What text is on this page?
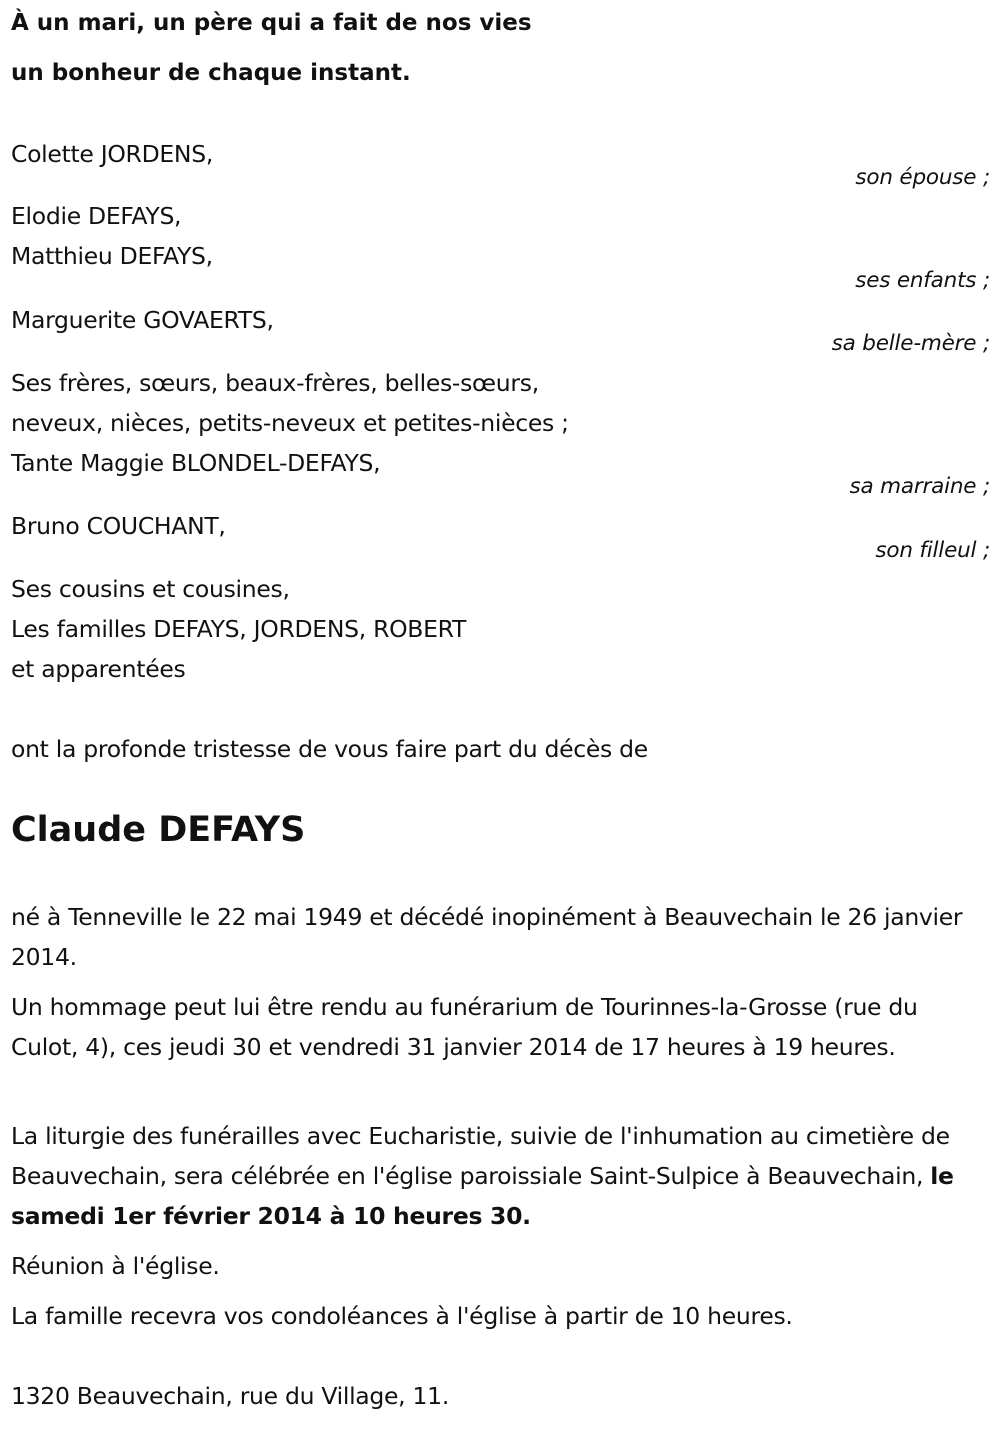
À un mari, un père qui a fait de nos vies
un bonheur de chaque instant.
Colette JORDENS,
son épouse ;
Elodie DEFAYS,
Matthieu DEFAYS,
ses enfants ;
Marguerite GOVAERTS,
sa belle-mère ;
Ses frères, sœurs, beaux-frères, belles-sœurs,
neveux, nièces, petits-neveux et petites-nièces ;
Tante Maggie BLONDEL-DEFAYS,
sa marraine ;
Bruno COUCHANT,
son filleul ;
Ses cousins et cousines,
Les familles DEFAYS, JORDENS, ROBERT
et apparentées
ont la profonde tristesse de vous faire part du décès de
Claude DEFAYS
né à Tenneville le 22 mai 1949 et décédé inopinément à Beauvechain le 26 janvier 2014.
Un hommage peut lui être rendu au funérarium de Tourinnes-la-Grosse (rue du Culot, 4), ces jeudi 30 et vendredi 31 janvier 2014 de 17 heures à 19 heures.
La liturgie des funérailles avec Eucharistie, suivie de l'inhumation au cimetière de Beauvechain, sera célébrée en l'église paroissiale Saint-Sulpice à Beauvechain, le samedi 1er février 2014 à 10 heures 30.
Réunion à l'église.
La famille recevra vos condoléances à l'église à partir de 10 heures.
1320 Beauvechain, rue du Village, 11.
